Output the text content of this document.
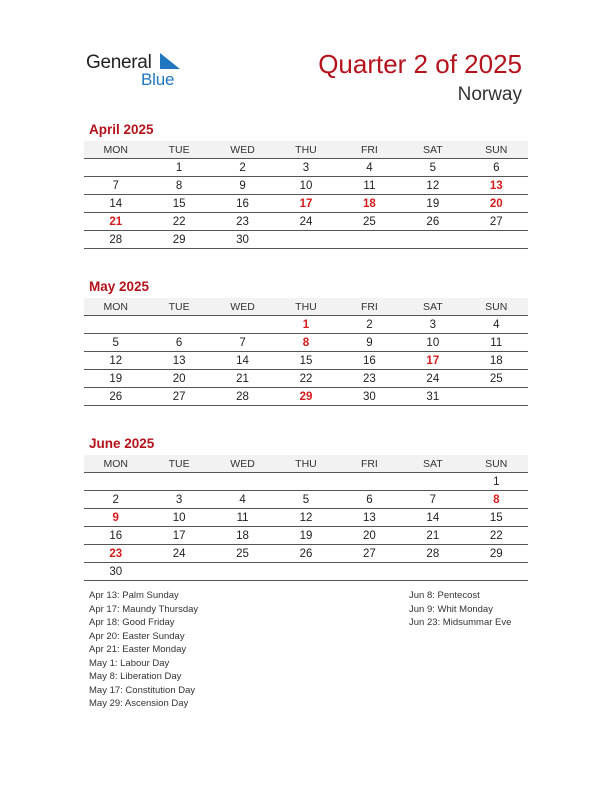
General
Blue
Quarter 2 of 2025
Norway
April 2025
MON	TUE	WED	THU	FRI	SAT	SUN
	1	2	3	4	5	6
7	8	9	10	11	12	13
14	15	16	17	18	19	20
21	22	23	24	25	26	27
28	29	30				
May 2025
MON	TUE	WED	THU	FRI	SAT	SUN
			1	2	3	4
5	6	7	8	9	10	11
12	13	14	15	16	17	18
19	20	21	22	23	24	25
26	27	28	29	30	31	
June 2025
MON	TUE	WED	THU	FRI	SAT	SUN
						1
2	3	4	5	6	7	8
9	10	11	12	13	14	15
16	17	18	19	20	21	22
23	24	25	26	27	28	29
30						
Apr 13: Palm Sunday
Apr 17: Maundy Thursday
Apr 18: Good Friday
Apr 20: Easter Sunday
Apr 21: Easter Monday
May 1: Labour Day
May 8: Liberation Day
May 17: Constitution Day
May 29: Ascension Day
Jun 8: Pentecost
Jun 9: Whit Monday
Jun 23: Midsummar Eve
